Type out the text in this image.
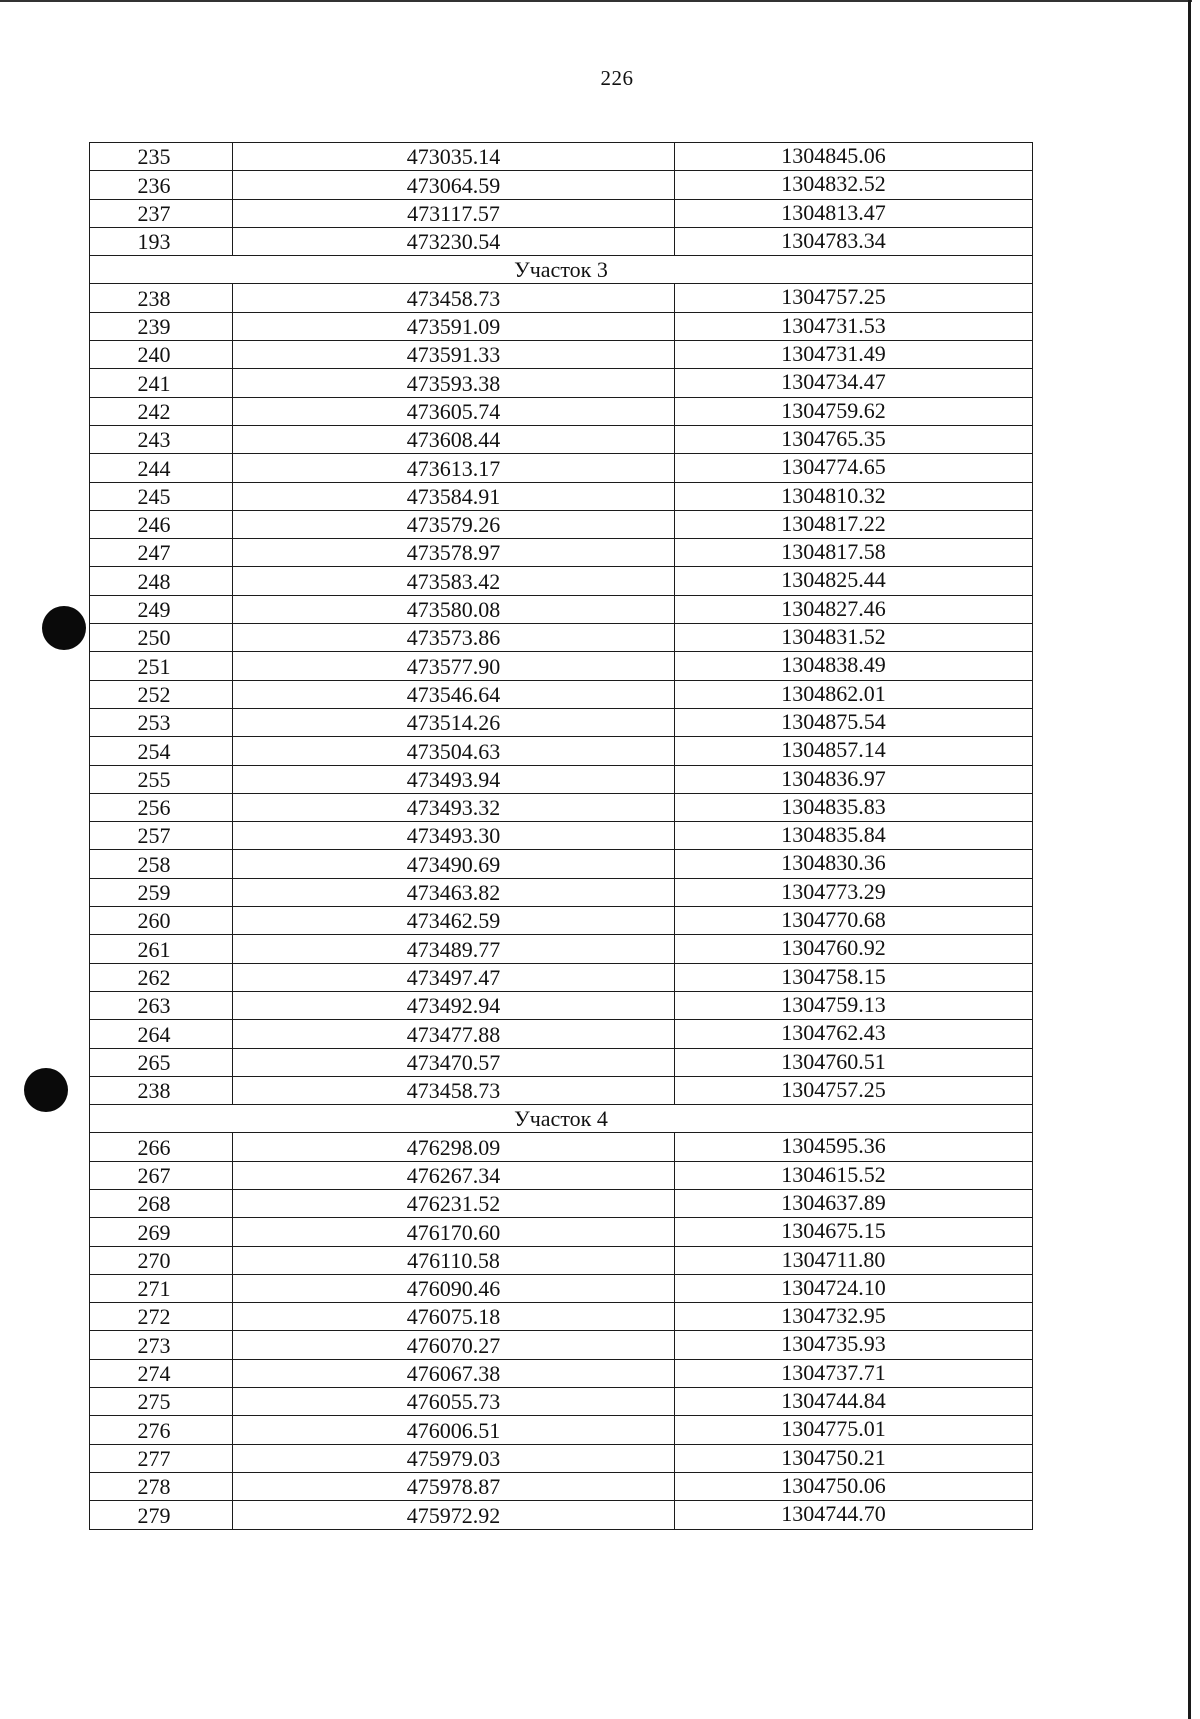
226
235	473035.14	1304845.06
236	473064.59	1304832.52
237	473117.57	1304813.47
193	473230.54	1304783.34
Участок 3		
238	473458.73	1304757.25
239	473591.09	1304731.53
240	473591.33	1304731.49
241	473593.38	1304734.47
242	473605.74	1304759.62
243	473608.44	1304765.35
244	473613.17	1304774.65
245	473584.91	1304810.32
246	473579.26	1304817.22
247	473578.97	1304817.58
248	473583.42	1304825.44
249	473580.08	1304827.46
250	473573.86	1304831.52
251	473577.90	1304838.49
252	473546.64	1304862.01
253	473514.26	1304875.54
254	473504.63	1304857.14
255	473493.94	1304836.97
256	473493.32	1304835.83
257	473493.30	1304835.84
258	473490.69	1304830.36
259	473463.82	1304773.29
260	473462.59	1304770.68
261	473489.77	1304760.92
262	473497.47	1304758.15
263	473492.94	1304759.13
264	473477.88	1304762.43
265	473470.57	1304760.51
238	473458.73	1304757.25
Участок 4		
266	476298.09	1304595.36
267	476267.34	1304615.52
268	476231.52	1304637.89
269	476170.60	1304675.15
270	476110.58	1304711.80
271	476090.46	1304724.10
272	476075.18	1304732.95
273	476070.27	1304735.93
274	476067.38	1304737.71
275	476055.73	1304744.84
276	476006.51	1304775.01
277	475979.03	1304750.21
278	475978.87	1304750.06
279	475972.92	1304744.70
